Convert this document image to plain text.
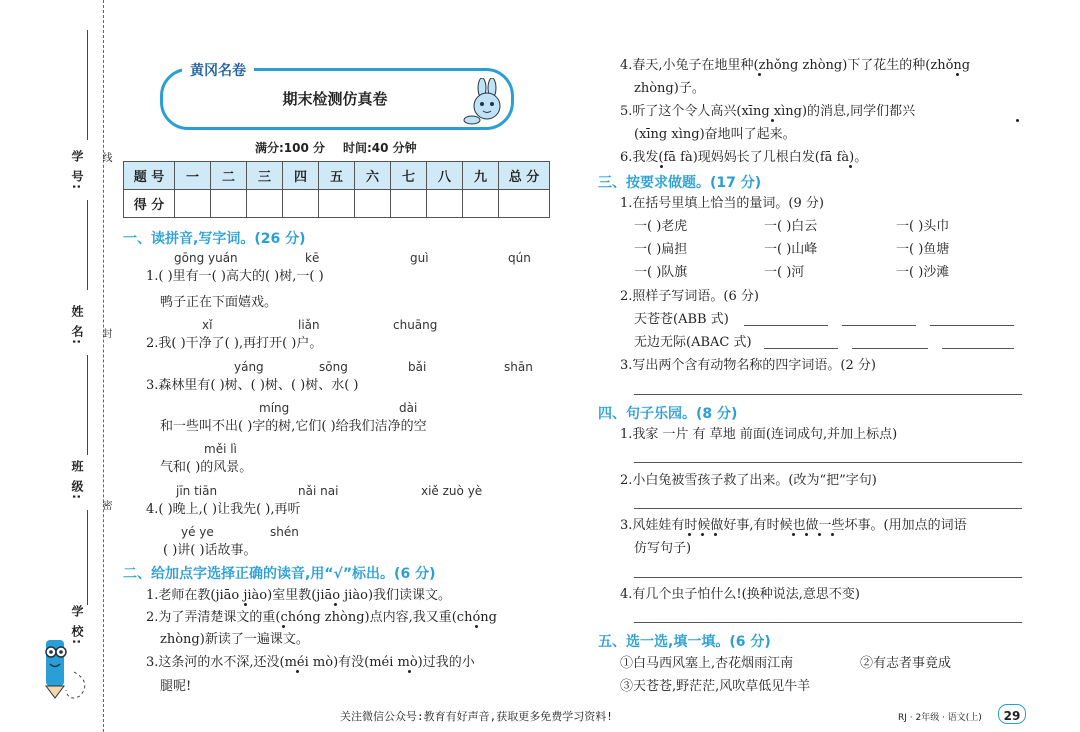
学 号:
姓 名:
班 级:
学 校:
线
封
密
黄冈名卷
期末检测仿真卷
满分:100 分 时间:40 分钟
题 号	一	二	三	四	五	六	七	八	九	总 分
得 分										
一、读拼音,写字词。(26 分)
gōng yuán	kē	guì	qún
1.( )里有一( )高大的( )树,一( )
鸭子正在下面嬉戏。
xǐ	liǎn	chuāng
2.我( )干净了( ),再打开( )户。
yáng	sōng	bǎi	shān
3.森林里有( )树、( )树、( )树、水( )
míng	dài
和一些叫不出( )字的树,它们( )给我们洁净的空
měi lì
气和( )的风景。
jīn tiān	nǎi nai	xiě zuò yè
4.( )晚上,( )让我先( ),再听
yé ye	shén
( )讲( )话故事。
二、给加点字选择正确的读音,用“√”标出。(6 分)
1.老师在教(jiāo jiào)室里教(jiāo jiào)我们读课文。
2.为了弄清楚课文的重(chóng zhòng)点内容,我又重(chóng
zhòng)新读了一遍课文。
3.这条河的水不深,还没(méi mò)有没(méi mò)过我的小
腿呢!
4.春天,小兔子在地里种(zhǒng zhòng)下了花生的种(zhǒng
zhòng)子。
5.听了这个令人高兴(xīng xìng)的消息,同学们都兴
(xīng xìng)奋地叫了起来。
6.我发(fā fà)现妈妈长了几根白发(fā fà)。
三、按要求做题。(17 分)
1.在括号里填上恰当的量词。(9 分)
一( )老虎	一( )白云	一( )头巾
一( )扁担	一( )山峰	一( )鱼塘
一( )队旗	一( )河	一( )沙滩
2.照样子写词语。(6 分)
天苍苍(ABB 式)
无边无际(ABAC 式)
3.写出两个含有动物名称的四字词语。(2 分)
四、句子乐园。(8 分)
1.我家 一片 有 草地 前面(连词成句,并加上标点)
2.小白兔被雪孩子救了出来。(改为“把”字句)
3.风娃娃有时候做好事,有时候也做一些坏事。(用加点的词语
仿写句子)
4.有几个虫子怕什么!(换种说法,意思不变)
五、选一选,填一填。(6 分)
①白马西风塞上,杏花烟雨江南	②有志者事竟成
③天苍苍,野茫茫,风吹草低见牛羊
关注微信公众号:教育有好声音,获取更多免费学习资料!	RJ · 2年级 · 语文(上)	29
